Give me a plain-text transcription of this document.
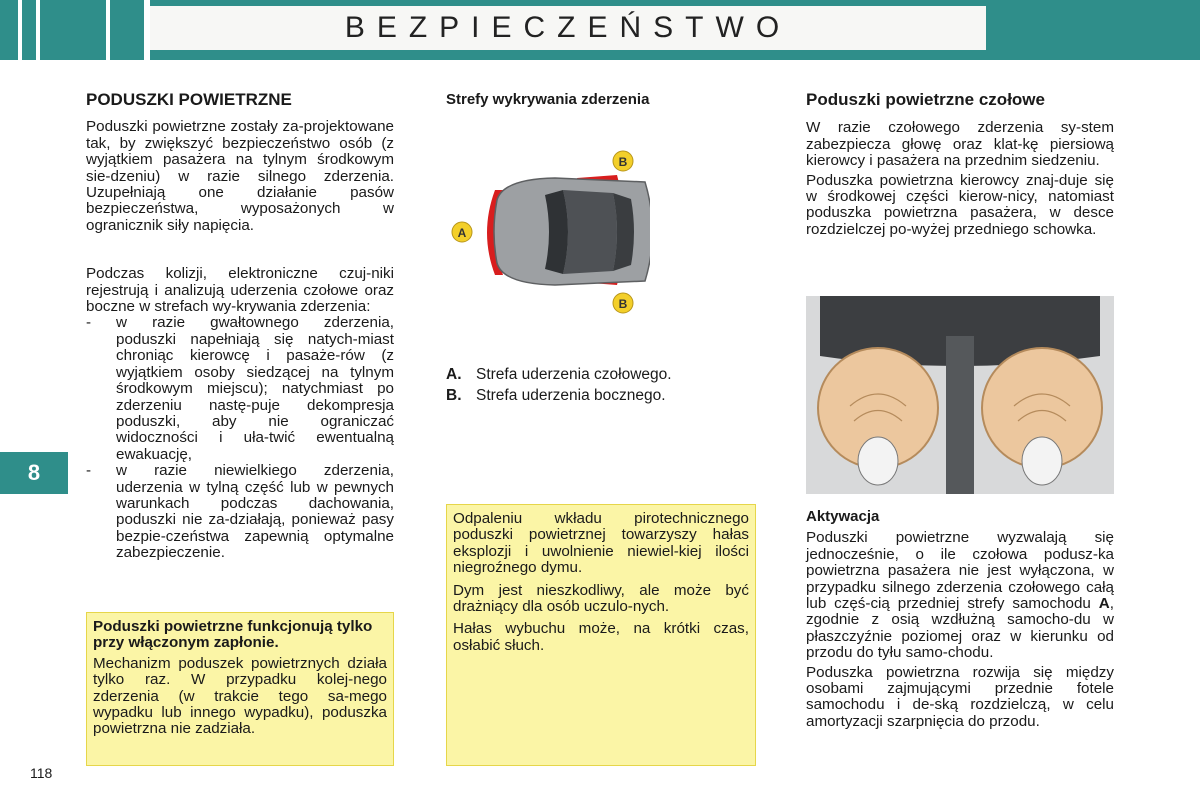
BEZPIECZEŃSTWO
8
118
PODUSZKI POWIETRZNE

Poduszki powietrzne zostały za-projektowane tak, by zwiększyć bezpieczeństwo osób (z wyjątkiem pasażera na tylnym środkowym sie-dzeniu) w razie silnego zderzenia. Uzupełniają one działanie pasów bezpieczeństwa, wyposażonych w ogranicznik siły napięcia.

Podczas kolizji, elektroniczne czuj-niki rejestrują i analizują uderzenia czołowe oraz boczne w strefach wy-krywania zderzenia:

- w razie gwałtownego zderzenia, poduszki napełniają się natych-miast chroniąc kierowcę i pasaże-rów (z wyjątkiem osoby siedzącej na tylnym środkowym miejscu); natychmiast po zderzeniu nastę-puje dekompresja poduszki, aby nie ograniczać widoczności i uła-twić ewentualną ewakuację,
- w razie niewielkiego zderzenia, uderzenia w tylną część lub w pewnych warunkach podczas dachowania, poduszki nie za-działają, ponieważ pasy bezpie-czeństwa zapewnią optymalne zabezpieczenie.

Poduszki powietrzne funkcjonują tylko przy włączonym zapłonie.

Mechanizm poduszek powietrznych działa tylko raz. W przypadku kolej-nego zderzenia (w trakcie tego sa-mego wypadku lub innego wypadku), poduszka powietrzna nie zadziała.

Strefy wykrywania zderzenia
B
B
A
A. Strefa uderzenia czołowego.
B. Strefa uderzenia bocznego.

Odpaleniu wkładu pirotechnicznego poduszki powietrznej towarzyszy hałas eksplozji i uwolnienie niewiel-kiej ilości niegroźnego dymu.

Dym jest nieszkodliwy, ale może być drażniący dla osób uczulo-nych.

Hałas wybuchu może, na krótki czas, osłabić słuch.

Poduszki powietrzne czołowe

W razie czołowego zderzenia sy-stem zabezpiecza głowę oraz klat-kę piersiową kierowcy i pasażera na przednim siedzeniu.

Poduszka powietrzna kierowcy znaj-duje się w środkowej części kierow-nicy, natomiast poduszka powietrzna pasażera, w desce rozdzielczej po-wyżej przedniego schowka.

Aktywacja

Poduszki powietrzne wyzwalają się jednocześnie, o ile czołowa podusz-ka powietrzna pasażera nie jest wyłączona, w przypadku silnego zderzenia czołowego całą lub częś-cią przedniej strefy samochodu A, zgodnie z osią wzdłużną samocho-du w płaszczyźnie poziomej oraz w kierunku od przodu do tyłu samo-chodu.

Poduszka powietrzna rozwija się między osobami zajmującymi przednie fotele samochodu i de-ską rozdzielczą, w celu amortyzacji szarpnięcia do przodu.
